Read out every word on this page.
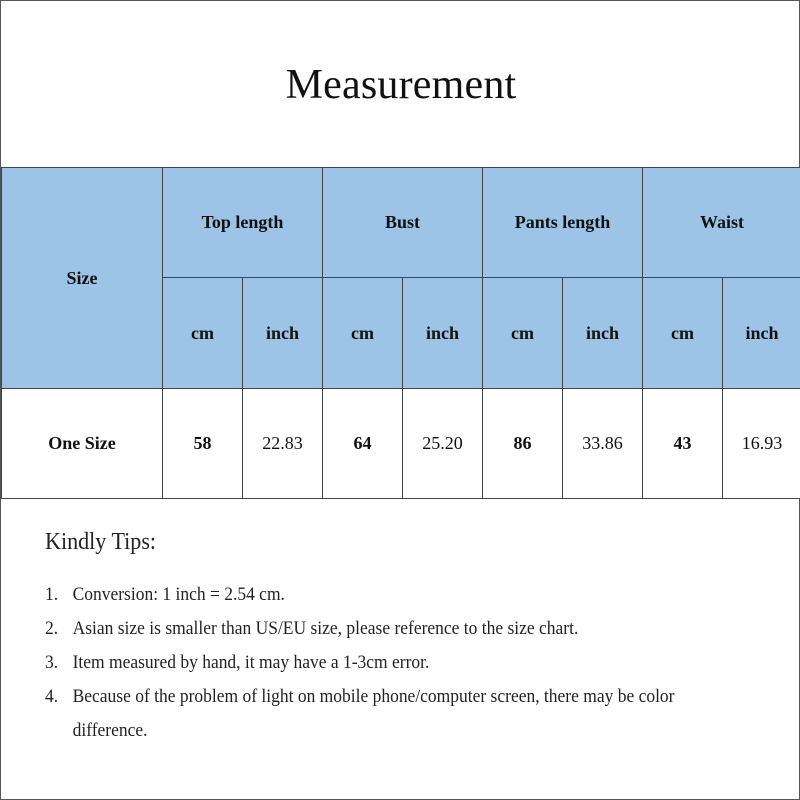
Measurement
Size	Top length		Bust		Pants length		Waist	
	cm	inch	cm	inch	cm	inch	cm	inch
One Size	58	22.83	64	25.20	86	33.86	43	16.93
Kindly Tips:
1. Conversion: 1 inch = 2.54 cm.
2. Asian size is smaller than US/EU size, please reference to the size chart.
3. Item measured by hand, it may have a 1-3cm error.
4. Because of the problem of light on mobile phone/computer screen, there may be color difference.
